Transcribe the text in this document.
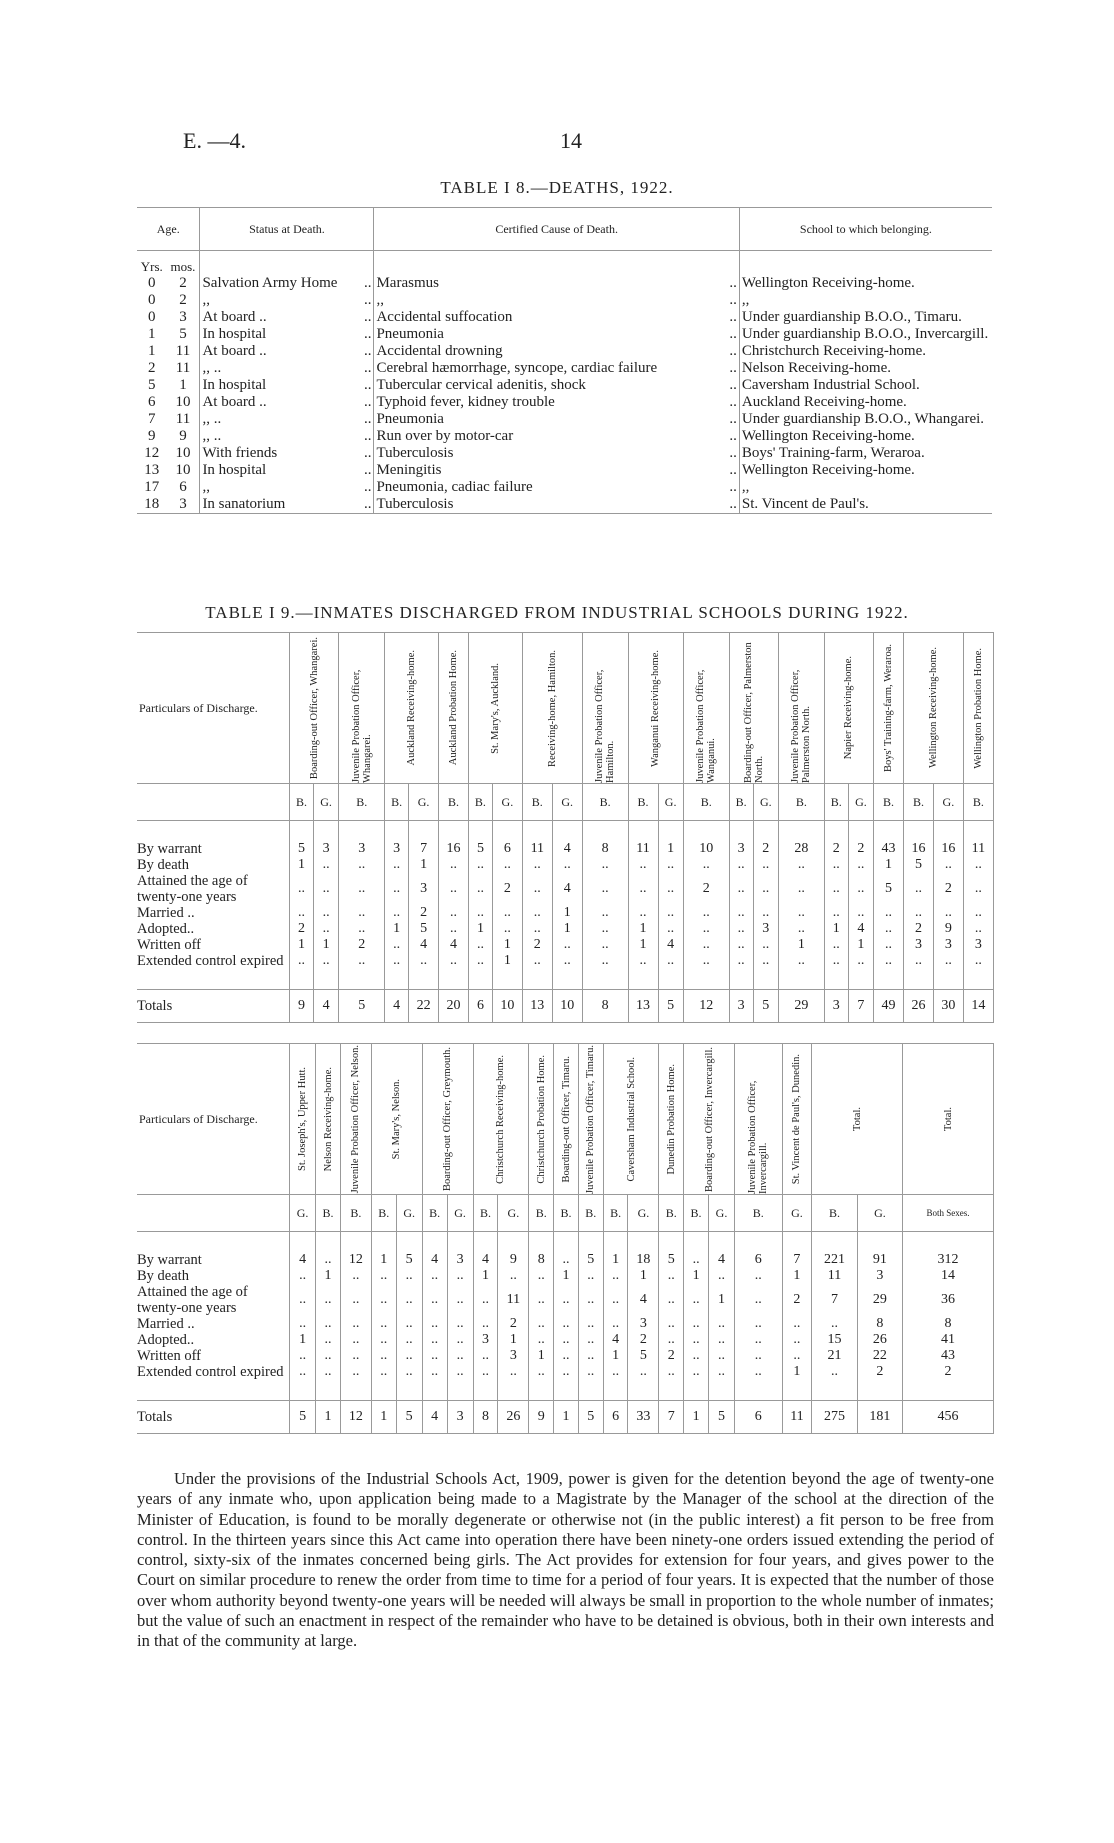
E. —4.	14
TABLE I 8.—DEATHS, 1922.
Age.		Status at Death.		Certified Cause of Death.		School to which belonging.
Yrs.	mos.					
0	2	Salvation Army Home	..	Marasmus	..	Wellington Receiving-home.
0	2	,,	..	,,	..	,,
0	3	At board ..	..	Accidental suffocation	..	Under guardianship B.O.O., Timaru.
1	5	In hospital	..	Pneumonia	..	Under guardianship B.O.O., Invercargill.
1	11	At board ..	..	Accidental drowning	..	Christchurch Receiving-home.
2	11	,, ..	..	Cerebral hæmorrhage, syncope, cardiac failure	..	Nelson Receiving-home.
5	1	In hospital	..	Tubercular cervical adenitis, shock	..	Caversham Industrial School.
6	10	At board ..	..	Typhoid fever, kidney trouble	..	Auckland Receiving-home.
7	11	,, ..	..	Pneumonia	..	Under guardianship B.O.O., Whangarei.
9	9	,, ..	..	Run over by motor-car	..	Wellington Receiving-home.
12	10	With friends	..	Tuberculosis	..	Boys' Training-farm, Weraroa.
13	10	In hospital	..	Meningitis	..	Wellington Receiving-home.
17	6	,,	..	Pneumonia, cadiac failure	..	,,
18	3	In sanatorium	..	Tuberculosis	..	St. Vincent de Paul's.
TABLE I 9.—INMATES DISCHARGED FROM INDUSTRIAL SCHOOLS DURING 1922.
Particulars of Discharge.	Boarding-out Officer, Whangarei.		Juvenile Probation Officer, Whangarei.	Auckland Receiving-home.		Auckland Probation Home.	St. Mary's, Auckland.		Receiving-home, Hamilton.		Juvenile Probation Officer, Hamilton.	Wanganui Receiving-home.		Juvenile Probation Officer, Wanganui.	Boarding-out Officer, Palmerston North.		Juvenile Probation Officer, Palmerston North.	Napier Receiving-home.		Boys' Training-farm, Weraroa.	Wellington Receiving-home.		Wellington Probation Home.

	B.	G.	B.	B.	G.	B.	B.	G.	B.	G.	B.	B.	G.	B.	B.	G.	B.	B.	G.	B.	B.	G.	B.

By warrant	5	3	3	3	7	16	5	6	11	4	8	11	1	10	3	2	28	2	2	43	16	16	11
By death	1	..	..	..	1	..	..	..	..	..	..	..	..	..	..	..	..	..	..	1	5	..	..
Attained the age of twenty-one years	..	..	..	..	3	..	..	2	..	4	..	..	..	2	..	..	..	..	..	5	..	2	..
Married ..	..	..	..	..	2	..	..	..	..	1	..	..	..	..	..	..	..	..	..	..	..	..	..
Adopted..	2	..	..	1	5	..	1	..	..	1	..	1	..	..	..	3	..	1	4	..	2	9	..
Written off	1	1	2	..	4	4	..	1	2	..	..	1	4	..	..	..	1	..	1	..	3	3	3
Extended control expired	..	..	..	..	..	..	..	1	..	..	..	..	..	..	..	..	..	..	..	..	..	..	..

Totals	9	4	5	4	22	20	6	10	13	10	8	13	5	12	3	5	29	3	7	49	26	30	14
Particulars of Discharge.	St. Joseph's, Upper Hutt.	Nelson Receiving-home.	Juvenile Probation Officer, Nelson.	St. Mary's, Nelson.		Boarding-out Officer, Greymouth.		Christchurch Receiving-home.		Christchurch Probation Home.	Boarding-out Officer, Timaru.	Juvenile Probation Officer, Timaru.	Caversham Industrial School.		Dunedin Probation Home.	Boarding-out Officer, Invercargill.		Juvenile Probation Officer, Invercargill.	St. Vincent de Paul's, Dunedin.	Total.		Total.

	G.	B.	B.	B.	G.	B.	G.	B.	G.	B.	B.	B.	B.	G.	B.	B.	G.	B.	G.	B.	G.	Both Sexes.

By warrant	4	..	12	1	5	4	3	4	9	8	..	5	1	18	5	..	4	6	7	221	91	312
By death	..	1	..	..	..	..	..	1	..	..	1	..	..	1	..	1	..	..	1	11	3	14
Attained the age of twenty-one years	..	..	..	..	..	..	..	..	11	..	..	..	..	4	..	..	1	..	2	7	29	36
Married ..	..	..	..	..	..	..	..	..	2	..	..	..	..	3	..	..	..	..	..	..	8	8
Adopted..	1	..	..	..	..	..	..	3	1	..	..	..	4	2	..	..	..	..	..	15	26	41
Written off	..	..	..	..	..	..	..	..	3	1	..	..	1	5	2	..	..	..	..	21	22	43
Extended control expired	..	..	..	..	..	..	..	..	..	..	..	..	..	..	..	..	..	..	1	..	2	2

Totals	5	1	12	1	5	4	3	8	26	9	1	5	6	33	7	1	5	6	11	275	181	456
Under the provisions of the Industrial Schools Act, 1909, power is given for the detention beyond the age of twenty-one years of any inmate who, upon application being made to a Magistrate by the Manager of the school at the direction of the Minister of Education, is found to be morally degenerate or otherwise not (in the public interest) a fit person to be free from control. In the thirteen years since this Act came into operation there have been ninety-one orders issued extending the period of control, sixty-six of the inmates concerned being girls. The Act provides for extension for four years, and gives power to the Court on similar procedure to renew the order from time to time for a period of four years. It is expected that the number of those over whom authority beyond twenty-one years will be needed will always be small in proportion to the whole number of inmates; but the value of such an enactment in respect of the remainder who have to be detained is obvious, both in their own interests and in that of the community at large.
